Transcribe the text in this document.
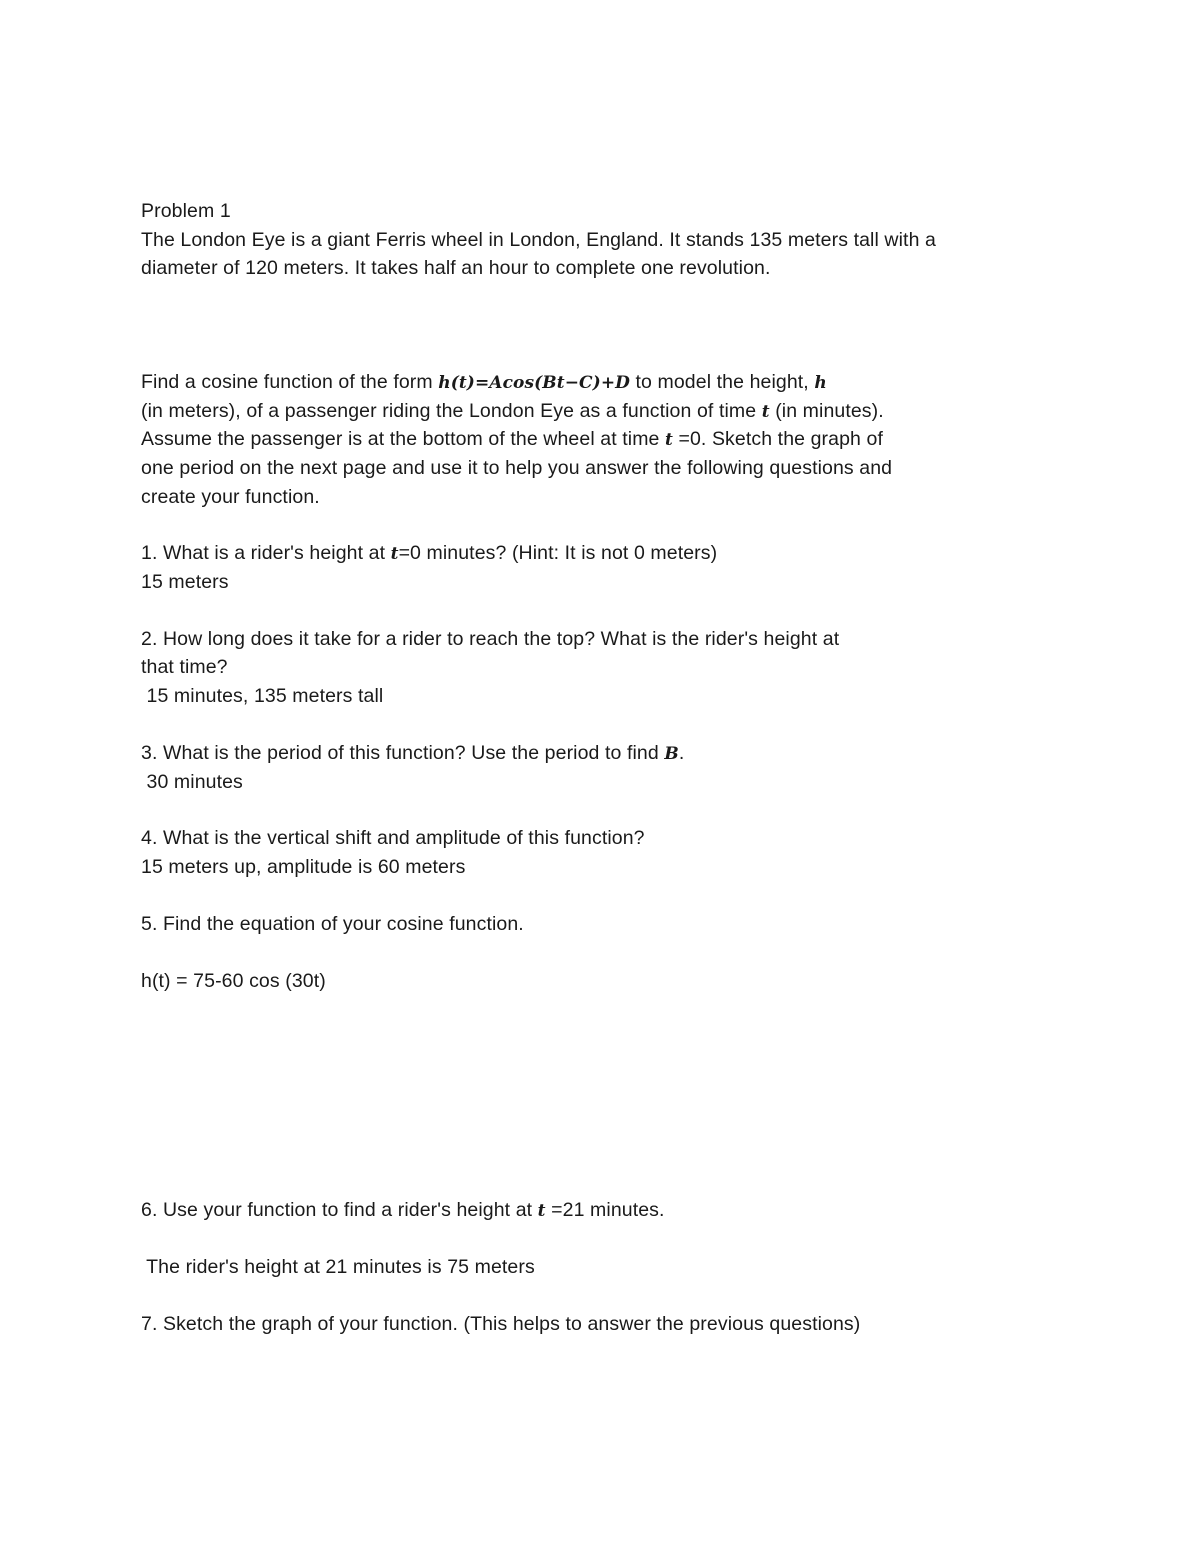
Problem 1
The London Eye is a giant Ferris wheel in London, England. It stands 135 meters tall with a
diameter of 120 meters. It takes half an hour to complete one revolution.
Find a cosine function of the form h(t)=Acos(Bt−C)+D to model the height, h
(in meters), of a passenger riding the London Eye as a function of time t (in minutes).
Assume the passenger is at the bottom of the wheel at time t =0. Sketch the graph of
one period on the next page and use it to help you answer the following questions and
create your function.
1. What is a rider's height at t=0 minutes? (Hint: It is not 0 meters)
15 meters
2. How long does it take for a rider to reach the top? What is the rider's height at
that time?
15 minutes, 135 meters tall
3. What is the period of this function? Use the period to find B.
30 minutes
4. What is the vertical shift and amplitude of this function?
15 meters up, amplitude is 60 meters
5. Find the equation of your cosine function.
h(t) = 75-60 cos (30t)
6. Use your function to find a rider's height at t =21 minutes.
The rider's height at 21 minutes is 75 meters
7. Sketch the graph of your function. (This helps to answer the previous questions)
